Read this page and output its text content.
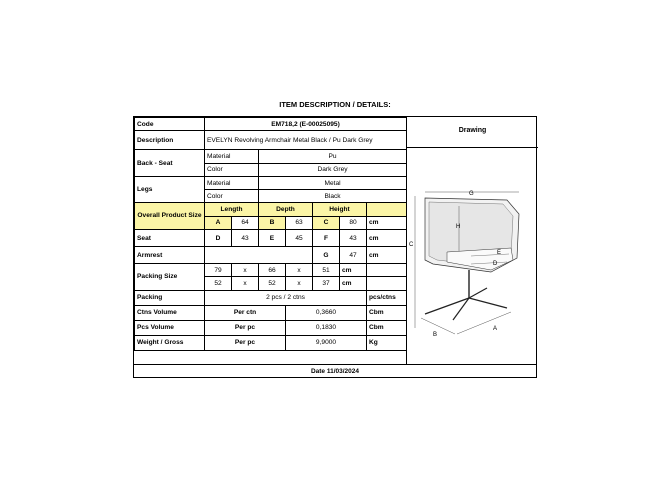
ITEM DESCRIPTION / DETAILS:
Code	EM718,2 (E-00025095)						
Description	EVELYN Revolving Armchair Metal Black / Pu Dark Grey						
Back - Seat	Material		Pu				
	Color		Dark Grey				
Legs	Material		Metal				
	Color		Black				
Overall Product Size	Length		Depth		Height		
	A	64	B	63	C	80	cm
Seat	D	43	E	45	F	43	cm
Armrest					G	47	cm
Packing Size	79	x	66	x	51	cm	
	52	x	52	x	37	cm	
Packing	2 pcs / 2 ctns						pcs/ctns
Ctns Volume	Per ctn			0,3660			Cbm
Pcs Volume	Per pc			0,1830			Cbm
Weight / Gross	Per pc			9,9000			Kg
Drawing
G
C
H
E
D
B
A
Date 11/03/2024
